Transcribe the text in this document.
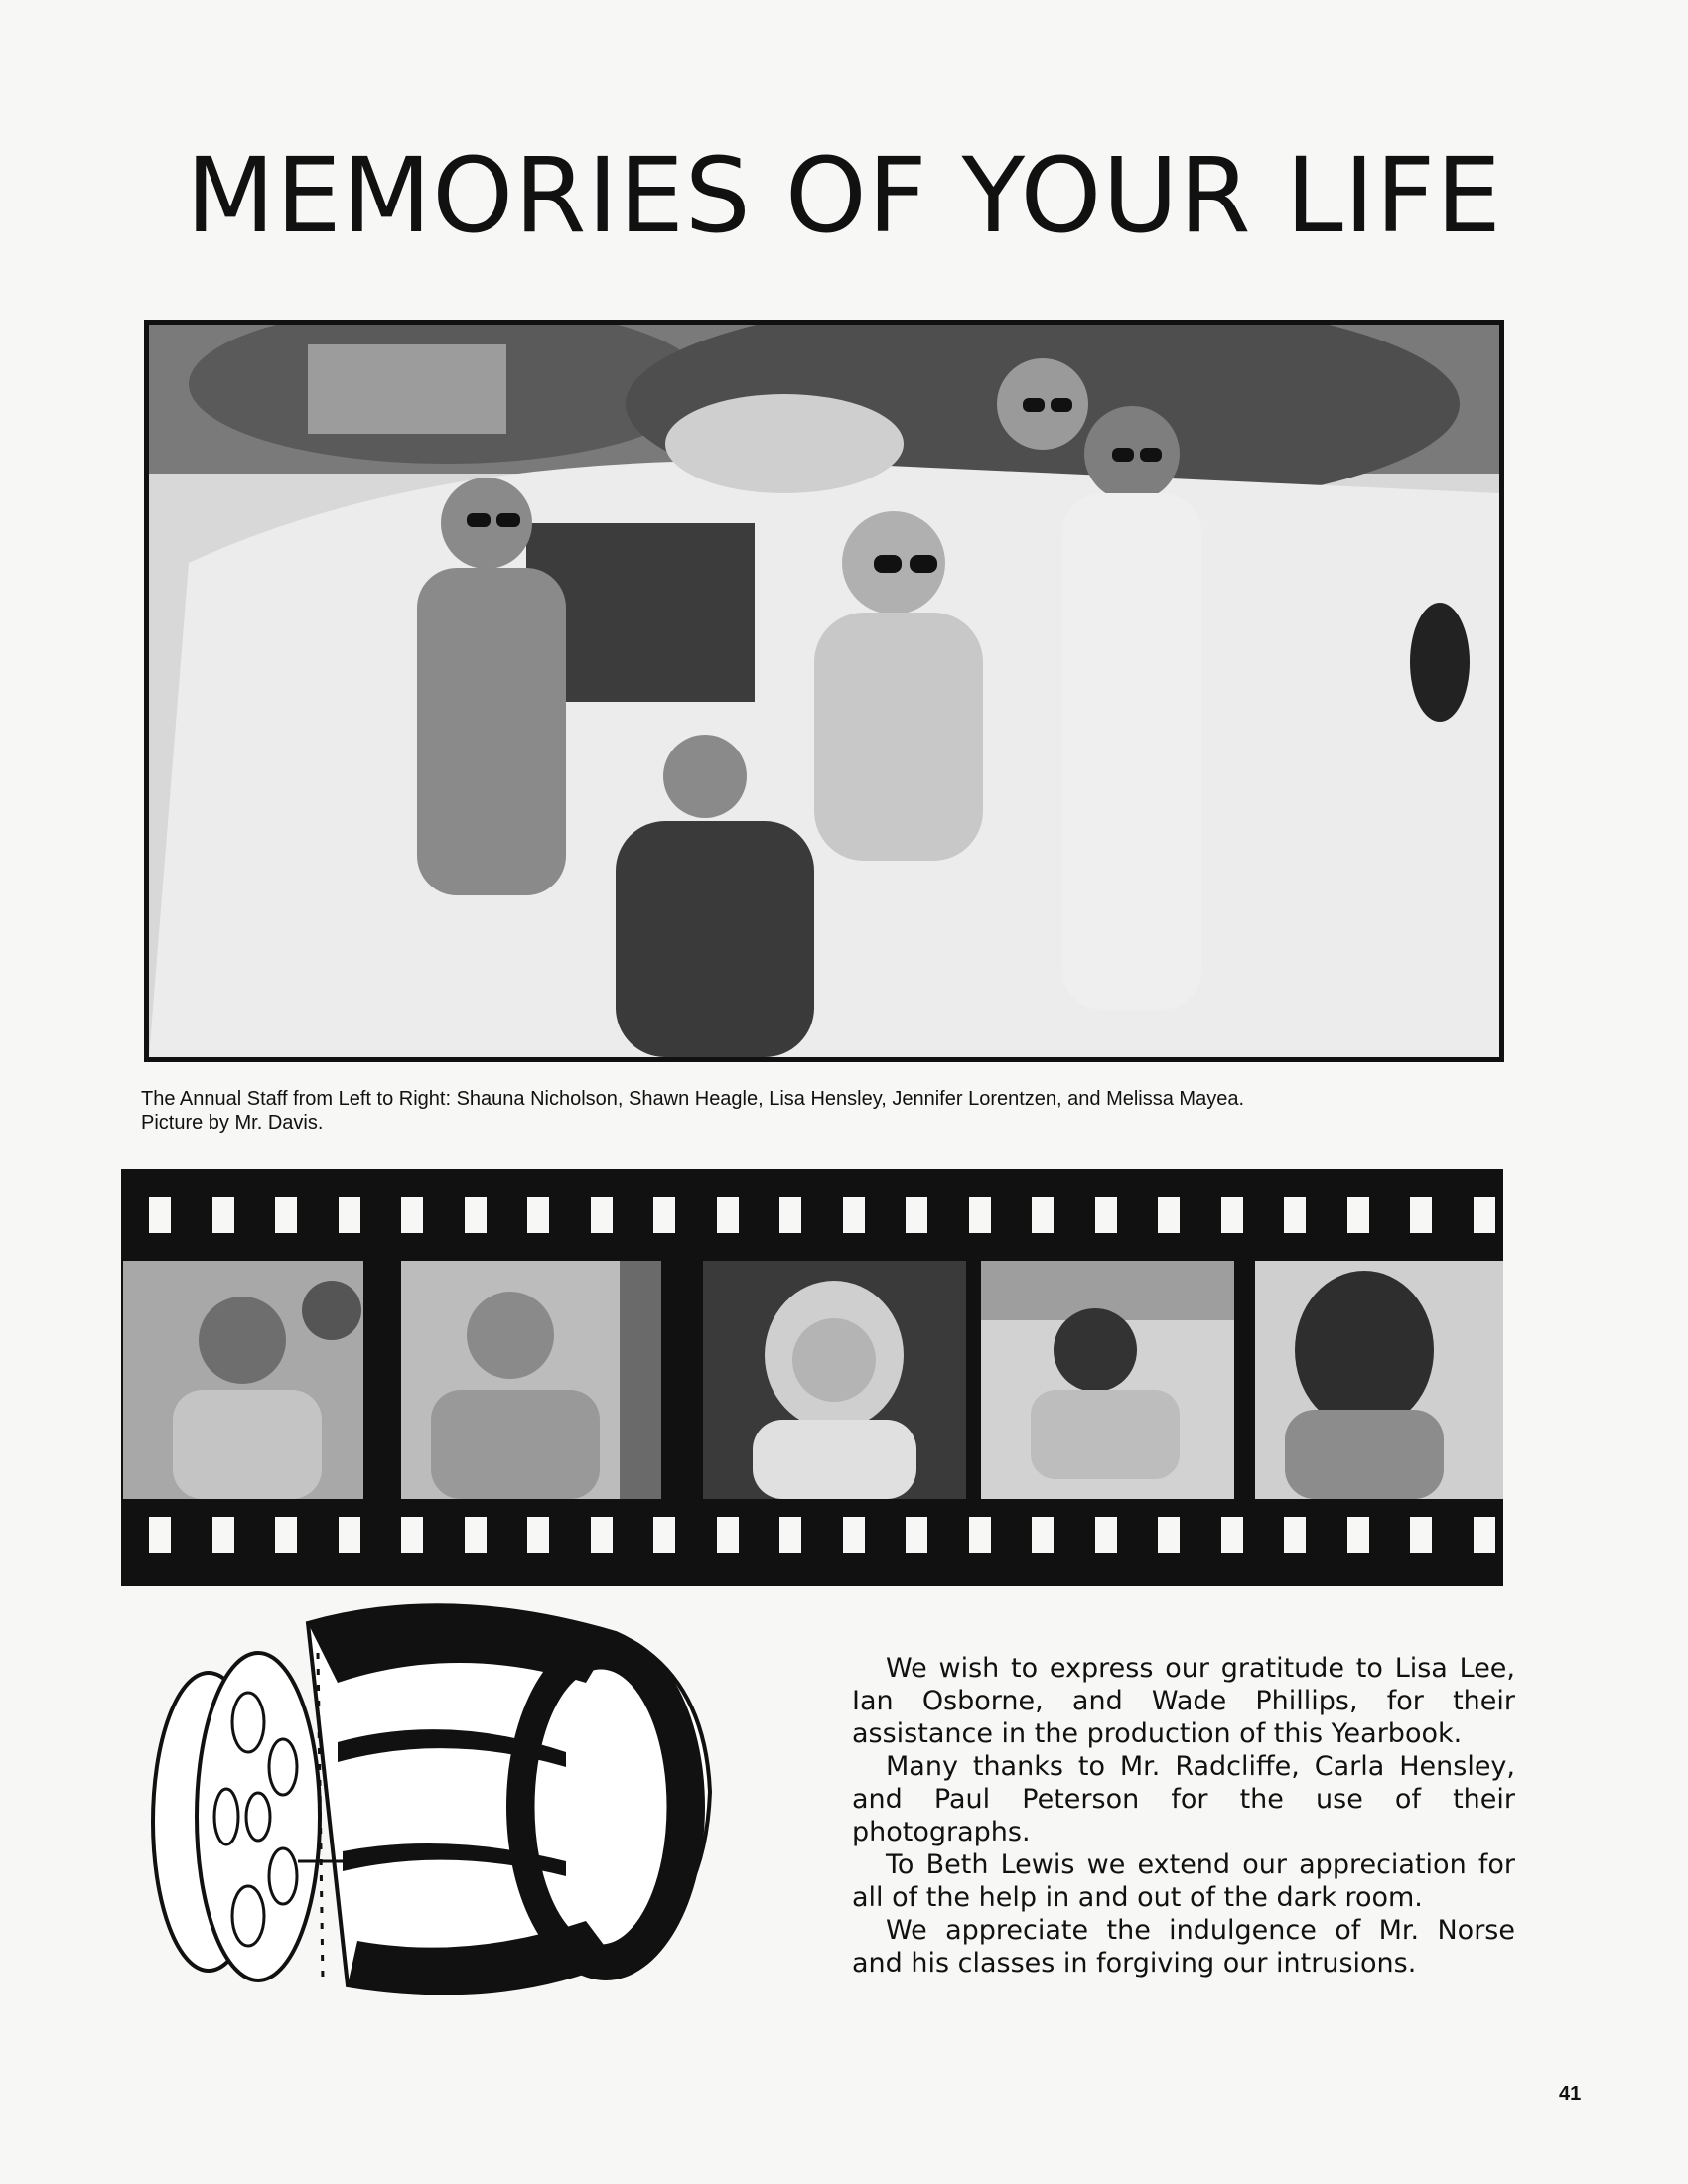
MEMORIES OF YOUR LIFE

The Annual Staff from Left to Right: Shauna Nicholson, Shawn Heagle, Lisa Hensley, Jennifer Lorentzen, and Melissa Mayea.

Picture by Mr. Davis.

We wish to express our gratitude to Lisa Lee, Ian Osborne, and Wade Phillips, for their assistance in the production of this Yearbook.

Many thanks to Mr. Radcliffe, Carla Hensley, and Paul Peterson for the use of their photographs.

To Beth Lewis we extend our appreciation for all of the help in and out of the dark room.

We appreciate the indulgence of Mr. Norse and his classes in forgiving our intrusions.

41
